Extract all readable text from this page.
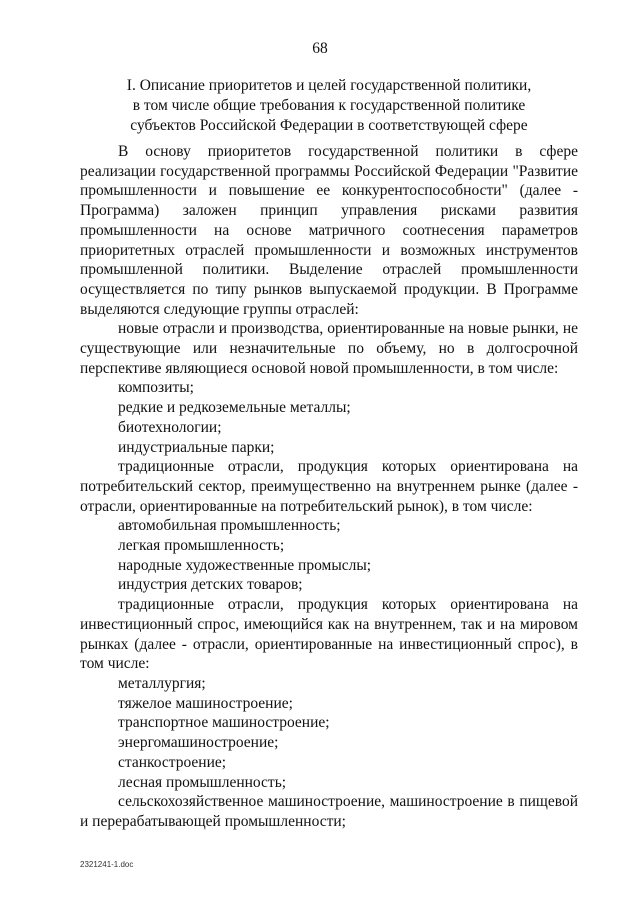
68
I. Описание приоритетов и целей государственной политики,
в том числе общие требования к государственной политике
субъектов Российской Федерации в соответствующей сфере

В основу приоритетов государственной политики в сфере реализации государственной программы Российской Федерации "Развитие промышленности и повышение ее конкурентоспособности" (далее - Программа) заложен принцип управления рисками развития промышленности на основе матричного соотнесения параметров приоритетных отраслей промышленности и возможных инструментов промышленной политики. Выделение отраслей промышленности осуществляется по типу рынков выпускаемой продукции. В Программе выделяются следующие группы отраслей:

новые отрасли и производства, ориентированные на новые рынки, не существующие или незначительные по объему, но в долгосрочной перспективе являющиеся основой новой промышленности, в том числе:

композиты;

редкие и редкоземельные металлы;

биотехнологии;

индустриальные парки;

традиционные отрасли, продукция которых ориентирована на потребительский сектор, преимущественно на внутреннем рынке (далее - отрасли, ориентированные на потребительский рынок), в том числе:

автомобильная промышленность;

легкая промышленность;

народные художественные промыслы;

индустрия детских товаров;

традиционные отрасли, продукция которых ориентирована на инвестиционный спрос, имеющийся как на внутреннем, так и на мировом рынках (далее - отрасли, ориентированные на инвестиционный спрос), в том числе:

металлургия;

тяжелое машиностроение;

транспортное машиностроение;

энергомашиностроение;

станкостроение;

лесная промышленность;

сельскохозяйственное машиностроение, машиностроение в пищевой и перерабатывающей промышленности;

2321241-1.doc
